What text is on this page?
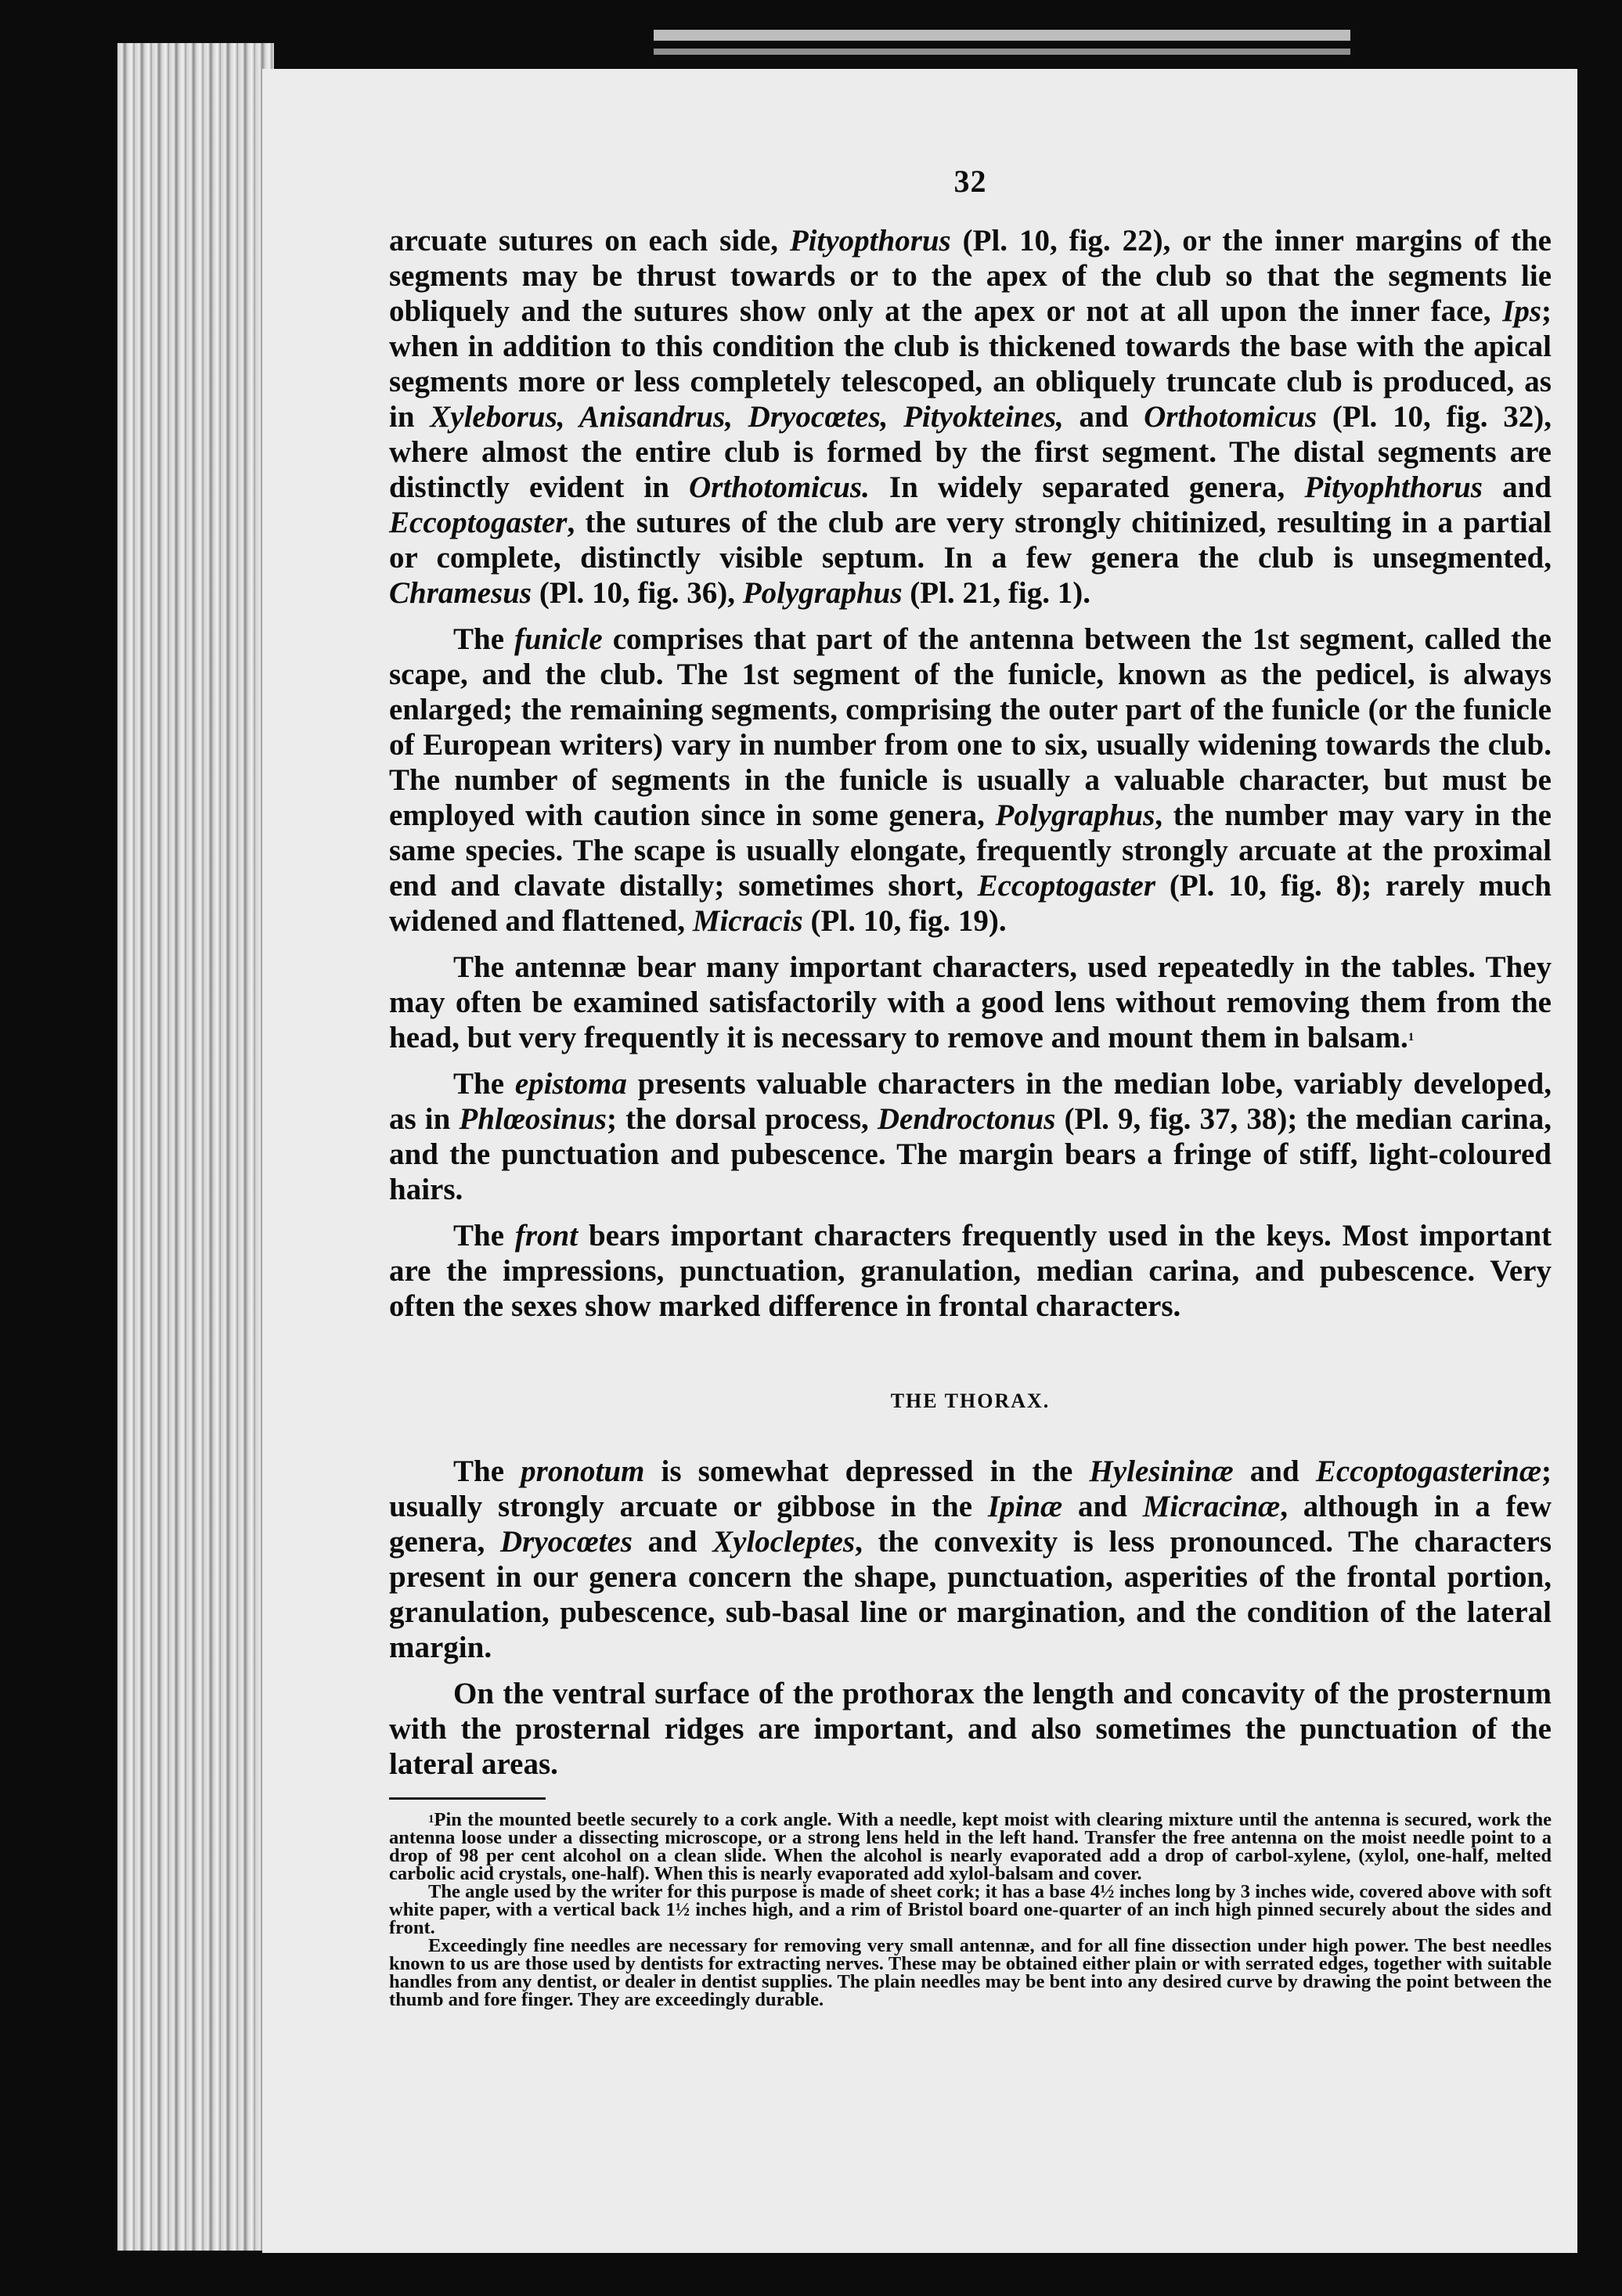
32

arcuate sutures on each side, Pityopthorus (Pl. 10, fig. 22), or the inner margins of the segments may be thrust towards or to the apex of the club so that the segments lie obliquely and the sutures show only at the apex or not at all upon the inner face, Ips; when in addition to this condition the club is thickened towards the base with the apical segments more or less completely telescoped, an obliquely truncate club is produced, as in Xyleborus, Anisandrus, Dryocœtes, Pityokteines, and Orthotomicus (Pl. 10, fig. 32), where almost the entire club is formed by the first segment. The distal segments are distinctly evident in Orthotomicus. In widely separated genera, Pityophthorus and Eccoptogaster, the sutures of the club are very strongly chitinized, resulting in a partial or complete, distinctly visible septum. In a few genera the club is unsegmented, Chramesus (Pl. 10, fig. 36), Polygraphus (Pl. 21, fig. 1).

The funicle comprises that part of the antenna between the 1st segment, called the scape, and the club. The 1st segment of the funicle, known as the pedicel, is always enlarged; the remaining segments, comprising the outer part of the funicle (or the funicle of European writers) vary in number from one to six, usually widening towards the club. The number of segments in the funicle is usually a valuable character, but must be employed with caution since in some genera, Polygraphus, the number may vary in the same species. The scape is usually elongate, frequently strongly arcuate at the proximal end and clavate distally; sometimes short, Eccoptogaster (Pl. 10, fig. 8); rarely much widened and flattened, Micracis (Pl. 10, fig. 19).

The antennæ bear many important characters, used repeatedly in the tables. They may often be examined satisfactorily with a good lens without removing them from the head, but very frequently it is necessary to remove and mount them in balsam.$^1$

The epistoma presents valuable characters in the median lobe, variably developed, as in Phlœosinus; the dorsal process, Dendroctonus (Pl. 9, fig. 37, 38); the median carina, and the punctuation and pubescence. The margin bears a fringe of stiff, light-coloured hairs.

The front bears important characters frequently used in the keys. Most important are the impressions, punctuation, granulation, median carina, and pubescence. Very often the sexes show marked difference in frontal characters.

THE THORAX.

The pronotum is somewhat depressed in the Hylesininæ and Eccoptogasterinæ; usually strongly arcuate or gibbose in the Ipinæ and Micracinæ, although in a few genera, Dryocœtes and Xylocleptes, the convexity is less pronounced. The characters present in our genera concern the shape, punctuation, asperities of the frontal portion, granulation, pubescence, sub-basal line or margination, and the condition of the lateral margin.

On the ventral surface of the prothorax the length and concavity of the prosternum with the prosternal ridges are important, and also sometimes the punctuation of the lateral areas.

$^1$Pin the mounted beetle securely to a cork angle. With a needle, kept moist with clearing mixture until the antenna is secured, work the antenna loose under a dissecting microscope, or a strong lens held in the left hand. Transfer the free antenna on the moist needle point to a drop of 98 per cent alcohol on a clean slide. When the alcohol is nearly evaporated add a drop of carbol-xylene, (xylol, one-half, melted carbolic acid crystals, one-half). When this is nearly evaporated add xylol-balsam and cover.

The angle used by the writer for this purpose is made of sheet cork; it has a base 4½ inches long by 3 inches wide, covered above with soft white paper, with a vertical back 1½ inches high, and a rim of Bristol board one-quarter of an inch high pinned securely about the sides and front.

Exceedingly fine needles are necessary for removing very small antennæ, and for all fine dissection under high power. The best needles known to us are those used by dentists for extracting nerves. These may be obtained either plain or with serrated edges, together with suitable handles from any dentist, or dealer in dentist supplies. The plain needles may be bent into any desired curve by drawing the point between the thumb and fore finger. They are exceedingly durable.
